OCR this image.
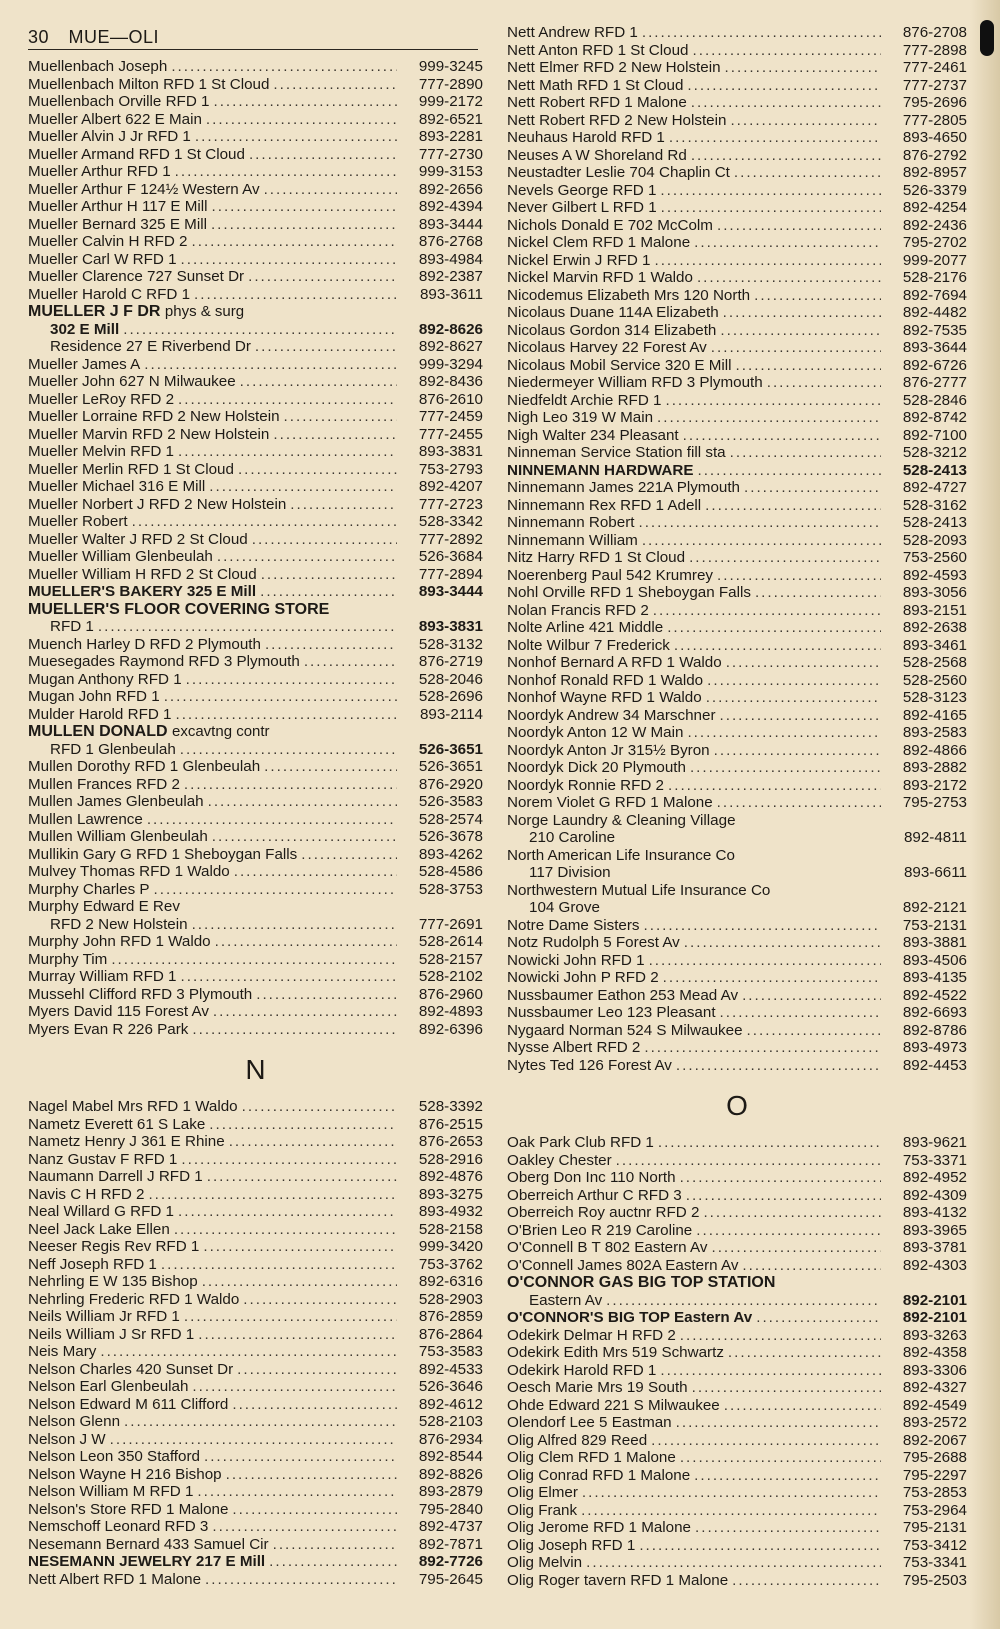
30 MUE—OLI
Muellenbach Joseph .....	999-3245
Muellenbach Milton RFD 1 St Cloud .....	777-2890
Muellenbach Orville RFD 1 .....	999-2172
Mueller Albert 622 E Main .....	892-6521
Mueller Alvin J Jr RFD 1 .....	893-2281
Mueller Armand RFD 1 St Cloud .....	777-2730
Mueller Arthur RFD 1 .....	999-3153
Mueller Arthur F 124½ Western Av .....	892-2656
Mueller Arthur H 117 E Mill .....	892-4394
Mueller Bernard 325 E Mill .....	893-3444
Mueller Calvin H RFD 2 .....	876-2768
Mueller Carl W RFD 1 .....	893-4984
Mueller Clarence 727 Sunset Dr .....	892-2387
Mueller Harold C RFD 1 .....	893-3611
MUELLER J F DR phys & surg
302 E Mill .....	892-8626
Residence 27 E Riverbend Dr .....	892-8627
Mueller James A .....	999-3294
Mueller John 627 N Milwaukee .....	892-8436
Mueller LeRoy RFD 2 .....	876-2610
Mueller Lorraine RFD 2 New Holstein .....	777-2459
Mueller Marvin RFD 2 New Holstein .....	777-2455
Mueller Melvin RFD 1 .....	893-3831
Mueller Merlin RFD 1 St Cloud .....	753-2793
Mueller Michael 316 E Mill .....	892-4207
Mueller Norbert J RFD 2 New Holstein .....	777-2723
Mueller Robert .....	528-3342
Mueller Walter J RFD 2 St Cloud .....	777-2892
Mueller William Glenbeulah .....	526-3684
Mueller William H RFD 2 St Cloud .....	777-2894
MUELLER'S BAKERY 325 E Mill .....	893-3444
MUELLER'S FLOOR COVERING STORE
RFD 1 .....	893-3831
Muench Harley D RFD 2 Plymouth .....	528-3132
Muesegades Raymond RFD 3 Plymouth .....	876-2719
Mugan Anthony RFD 1 .....	528-2046
Mugan John RFD 1 .....	528-2696
Mulder Harold RFD 1 .....	893-2114
MULLEN DONALD excavtng contr
RFD 1 Glenbeulah .....	526-3651
Mullen Dorothy RFD 1 Glenbeulah .....	526-3651
Mullen Frances RFD 2 .....	876-2920
Mullen James Glenbeulah .....	526-3583
Mullen Lawrence .....	528-2574
Mullen William Glenbeulah .....	526-3678
Mullikin Gary G RFD 1 Sheboygan Falls .....	893-4262
Mulvey Thomas RFD 1 Waldo .....	528-4586
Murphy Charles P .....	528-3753
Murphy Edward E Rev
RFD 2 New Holstein .....	777-2691
Murphy John RFD 1 Waldo .....	528-2614
Murphy Tim .....	528-2157
Murray William RFD 1 .....	528-2102
Mussehl Clifford RFD 3 Plymouth .....	876-2960
Myers David 115 Forest Av .....	892-4893
Myers Evan R 226 Park .....	892-6396
N
Nagel Mabel Mrs RFD 1 Waldo .....	528-3392
Nametz Everett 61 S Lake .....	876-2515
Nametz Henry J 361 E Rhine .....	876-2653
Nanz Gustav F RFD 1 .....	528-2916
Naumann Darrell J RFD 1 .....	892-4876
Navis C H RFD 2 .....	893-3275
Neal Willard G RFD 1 .....	893-4932
Neel Jack Lake Ellen .....	528-2158
Neeser Regis Rev RFD 1 .....	999-3420
Neff Joseph RFD 1 .....	753-3762
Nehrling E W 135 Bishop .....	892-6316
Nehrling Frederic RFD 1 Waldo .....	528-2903
Neils William Jr RFD 1 .....	876-2859
Neils William J Sr RFD 1 .....	876-2864
Neis Mary .....	753-3583
Nelson Charles 420 Sunset Dr .....	892-4533
Nelson Earl Glenbeulah .....	526-3646
Nelson Edward M 611 Clifford .....	892-4612
Nelson Glenn .....	528-2103
Nelson J W .....	876-2934
Nelson Leon 350 Stafford .....	892-8544
Nelson Wayne H 216 Bishop .....	892-8826
Nelson William M RFD 1 .....	893-2879
Nelson's Store RFD 1 Malone .....	795-2840
Nemschoff Leonard RFD 3 .....	892-4737
Nesemann Bernard 433 Samuel Cir .....	892-7871
NESEMANN JEWELRY 217 E Mill .....	892-7726
Nett Albert RFD 1 Malone .....	795-2645
Nett Andrew RFD 1 .....	876-2708
Nett Anton RFD 1 St Cloud .....	777-2898
Nett Elmer RFD 2 New Holstein .....	777-2461
Nett Math RFD 1 St Cloud .....	777-2737
Nett Robert RFD 1 Malone .....	795-2696
Nett Robert RFD 2 New Holstein .....	777-2805
Neuhaus Harold RFD 1 .....	893-4650
Neuses A W Shoreland Rd .....	876-2792
Neustadter Leslie 704 Chaplin Ct .....	892-8957
Nevels George RFD 1 .....	526-3379
Never Gilbert L RFD 1 .....	892-4254
Nichols Donald E 702 McColm .....	892-2436
Nickel Clem RFD 1 Malone .....	795-2702
Nickel Erwin J RFD 1 .....	999-2077
Nickel Marvin RFD 1 Waldo .....	528-2176
Nicodemus Elizabeth Mrs 120 North .....	892-7694
Nicolaus Duane 114A Elizabeth .....	892-4482
Nicolaus Gordon 314 Elizabeth .....	892-7535
Nicolaus Harvey 22 Forest Av .....	893-3644
Nicolaus Mobil Service 320 E Mill .....	892-6726
Niedermeyer William RFD 3 Plymouth .....	876-2777
Niedfeldt Archie RFD 1 .....	528-2846
Nigh Leo 319 W Main .....	892-8742
Nigh Walter 234 Pleasant .....	892-7100
Ninneman Service Station fill sta .....	528-3212
NINNEMANN HARDWARE .....	528-2413
Ninnemann James 221A Plymouth .....	892-4727
Ninnemann Rex RFD 1 Adell .....	528-3162
Ninnemann Robert .....	528-2413
Ninnemann William .....	528-2093
Nitz Harry RFD 1 St Cloud .....	753-2560
Noerenberg Paul 542 Krumrey .....	892-4593
Nohl Orville RFD 1 Sheboygan Falls .....	893-3056
Nolan Francis RFD 2 .....	893-2151
Nolte Arline 421 Middle .....	892-2638
Nolte Wilbur 7 Frederick .....	893-3461
Nonhof Bernard A RFD 1 Waldo .....	528-2568
Nonhof Ronald RFD 1 Waldo .....	528-2560
Nonhof Wayne RFD 1 Waldo .....	528-3123
Noordyk Andrew 34 Marschner .....	892-4165
Noordyk Anton 12 W Main .....	893-2583
Noordyk Anton Jr 315½ Byron .....	892-4866
Noordyk Dick 20 Plymouth .....	893-2882
Noordyk Ronnie RFD 2 .....	893-2172
Norem Violet G RFD 1 Malone .....	795-2753
Norge Laundry & Cleaning Village
210 Caroline	892-4811
North American Life Insurance Co
117 Division	893-6611
Northwestern Mutual Life Insurance Co
104 Grove	892-2121
Notre Dame Sisters .....	753-2131
Notz Rudolph 5 Forest Av .....	893-3881
Nowicki John RFD 1 .....	893-4506
Nowicki John P RFD 2 .....	893-4135
Nussbaumer Eathon 253 Mead Av .....	892-4522
Nussbaumer Leo 123 Pleasant .....	892-6693
Nygaard Norman 524 S Milwaukee .....	892-8786
Nysse Albert RFD 2 .....	893-4973
Nytes Ted 126 Forest Av .....	892-4453
O
Oak Park Club RFD 1 .....	893-9621
Oakley Chester .....	753-3371
Oberg Don Inc 110 North .....	892-4952
Oberreich Arthur C RFD 3 .....	892-4309
Oberreich Roy auctnr RFD 2 .....	893-4132
O'Brien Leo R 219 Caroline .....	893-3965
O'Connell B T 802 Eastern Av .....	893-3781
O'Connell James 802A Eastern Av .....	892-4303
O'CONNOR GAS BIG TOP STATION
Eastern Av .....	892-2101
O'CONNOR'S BIG TOP Eastern Av .....	892-2101
Odekirk Delmar H RFD 2 .....	893-3263
Odekirk Edith Mrs 519 Schwartz .....	892-4358
Odekirk Harold RFD 1 .....	893-3306
Oesch Marie Mrs 19 South .....	892-4327
Ohde Edward 221 S Milwaukee .....	892-4549
Olendorf Lee 5 Eastman .....	893-2572
Olig Alfred 829 Reed .....	892-2067
Olig Clem RFD 1 Malone .....	795-2688
Olig Conrad RFD 1 Malone .....	795-2297
Olig Elmer .....	753-2853
Olig Frank .....	753-2964
Olig Jerome RFD 1 Malone .....	795-2131
Olig Joseph RFD 1 .....	753-3412
Olig Melvin .....	753-3341
Olig Roger tavern RFD 1 Malone .....	795-2503
